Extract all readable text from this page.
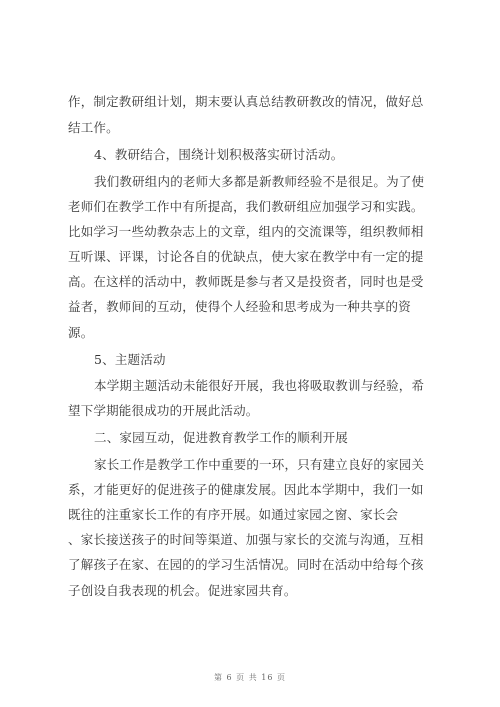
作，制定教研组计划，期末要认真总结教研教改的情况，做好总
结工作。
4、教研结合，围绕计划积极落实研讨活动。
我们教研组内的老师大多都是新教师经验不是很足。为了使
老师们在教学工作中有所提高，我们教研组应加强学习和实践。
比如学习一些幼教杂志上的文章，组内的交流课等，组织教师相
互听课、评课，讨论各自的优缺点，使大家在教学中有一定的提
高。在这样的活动中，教师既是参与者又是投资者，同时也是受
益者，教师间的互动，使得个人经验和思考成为一种共享的资
源。
5、主题活动
本学期主题活动未能很好开展，我也将吸取教训与经验，希
望下学期能很成功的开展此活动。
二、家园互动，促进教育教学工作的顺利开展
家长工作是教学工作中重要的一环，只有建立良好的家园关
系，才能更好的促进孩子的健康发展。因此本学期中，我们一如
既往的注重家长工作的有序开展。如通过家园之窗、家长会
、家长接送孩子的时间等渠道、加强与家长的交流与沟通，互相
了解孩子在家、在园的的学习生活情况。同时在活动中给每个孩
子创设自我表现的机会。促进家园共育。
第 6 页 共 16 页
